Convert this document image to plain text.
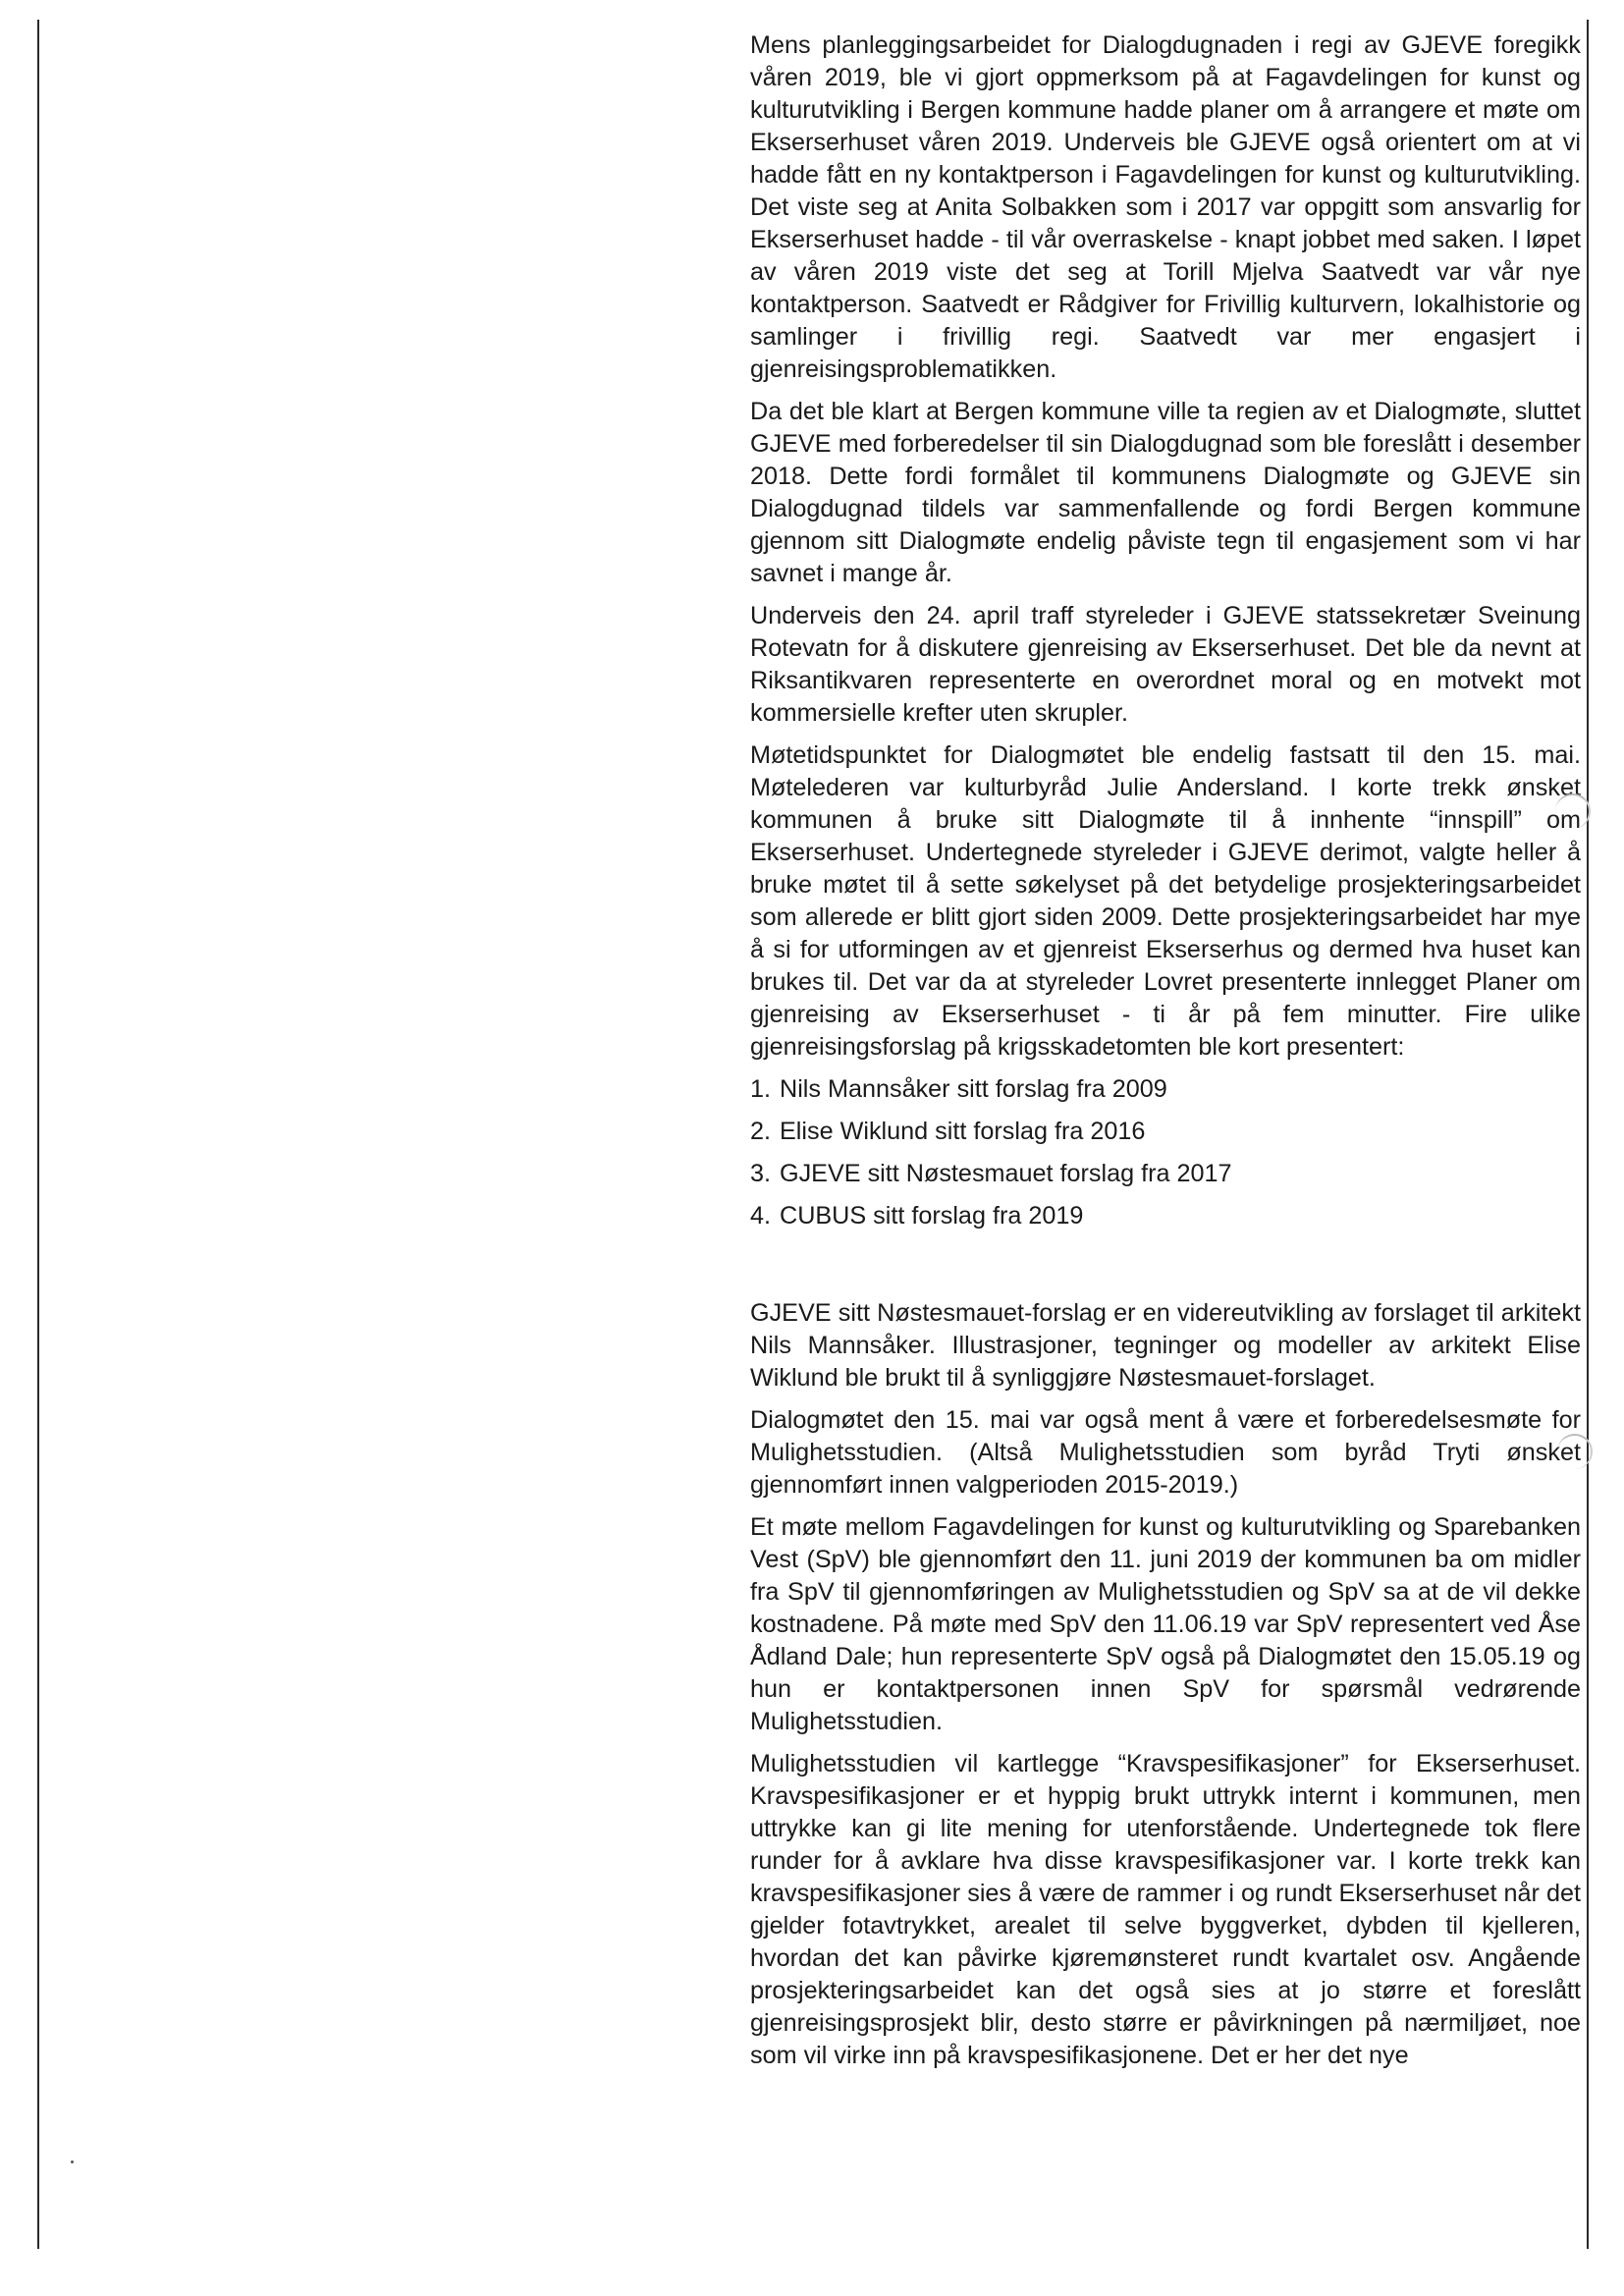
Mens planleggingsarbeidet for Dialogdugnaden i regi av GJEVE foregikk våren 2019, ble vi gjort oppmerksom på at Fagavdelingen for kunst og kulturutvikling i Bergen kommune hadde planer om å arrangere et møte om Ekserserhuset våren 2019. Underveis ble GJEVE også orientert om at vi hadde fått en ny kontaktperson i Fagavdelingen for kunst og kulturutvikling. Det viste seg at Anita Solbakken som i 2017 var oppgitt som ansvarlig for Ekserserhuset hadde - til vår overraskelse - knapt jobbet med saken. I løpet av våren 2019 viste det seg at Torill Mjelva Saatvedt var vår nye kontaktperson. Saatvedt er Rådgiver for Frivillig kulturvern, lokalhistorie og samlinger i frivillig regi. Saatvedt var mer engasjert i gjenreisingsproblematikken.

Da det ble klart at Bergen kommune ville ta regien av et Dialogmøte, sluttet GJEVE med forberedelser til sin Dialogdugnad som ble foreslått i desember 2018. Dette fordi formålet til kommunens Dialogmøte og GJEVE sin Dialogdugnad tildels var sammenfallende og fordi Bergen kommune gjennom sitt Dialogmøte endelig påviste tegn til engasjement som vi har savnet i mange år.

Underveis den 24. april traff styreleder i GJEVE statssekretær Sveinung Rotevatn for å diskutere gjenreising av Ekserserhuset. Det ble da nevnt at Riksantikvaren representerte en overordnet moral og en motvekt mot kommersielle krefter uten skrupler.

Møtetidspunktet for Dialogmøtet ble endelig fastsatt til den 15. mai. Møtelederen var kulturbyråd Julie Andersland. I korte trekk ønsket kommunen å bruke sitt Dialogmøte til å innhente “innspill” om Ekserserhuset. Undertegnede styreleder i GJEVE derimot, valgte heller å bruke møtet til å sette søkelyset på det betydelige prosjekteringsarbeidet som allerede er blitt gjort siden 2009. Dette prosjekteringsarbeidet har mye å si for utformingen av et gjenreist Ekserserhus og dermed hva huset kan brukes til. Det var da at styreleder Lovret presenterte innlegget Planer om gjenreising av Ekserserhuset - ti år på fem minutter. Fire ulike gjenreisingsforslag på krigsskadetomten ble kort presentert:

1. Nils Mannsåker sitt forslag fra 2009
2. Elise Wiklund sitt forslag fra 2016
3. GJEVE sitt Nøstesmauet forslag fra 2017
4. CUBUS sitt forslag fra 2019

GJEVE sitt Nøstesmauet-forslag er en videreutvikling av forslaget til arkitekt Nils Mannsåker. Illustrasjoner, tegninger og modeller av arkitekt Elise Wiklund ble brukt til å synliggjøre Nøstesmauet-forslaget.

Dialogmøtet den 15. mai var også ment å være et forberedelsesmøte for Mulighetsstudien. (Altså Mulighetsstudien som byråd Tryti ønsket gjennomført innen valgperioden 2015-2019.)

Et møte mellom Fagavdelingen for kunst og kulturutvikling og Sparebanken Vest (SpV) ble gjennomført den 11. juni 2019 der kommunen ba om midler fra SpV til gjennomføringen av Mulighetsstudien og SpV sa at de vil dekke kostnadene. På møte med SpV den 11.06.19 var SpV representert ved Åse Ådland Dale; hun representerte SpV også på Dialogmøtet den 15.05.19 og hun er kontaktpersonen innen SpV for spørsmål vedrørende Mulighetsstudien.

Mulighetsstudien vil kartlegge “Kravspesifikasjoner” for Ekserserhuset. Kravspesifikasjoner er et hyppig brukt uttrykk internt i kommunen, men uttrykke kan gi lite mening for utenforstående. Undertegnede tok flere runder for å avklare hva disse kravspesifikasjoner var. I korte trekk kan kravspesifikasjoner sies å være de rammer i og rundt Ekserserhuset når det gjelder fotavtrykket, arealet til selve byggverket, dybden til kjelleren, hvordan det kan påvirke kjøremønsteret rundt kvartalet osv. Angående prosjekteringsarbeidet kan det også sies at jo større et foreslått gjenreisingsprosjekt blir, desto større er påvirkningen på nærmiljøet, noe som vil virke inn på kravspesifikasjonene. Det er her det nye
